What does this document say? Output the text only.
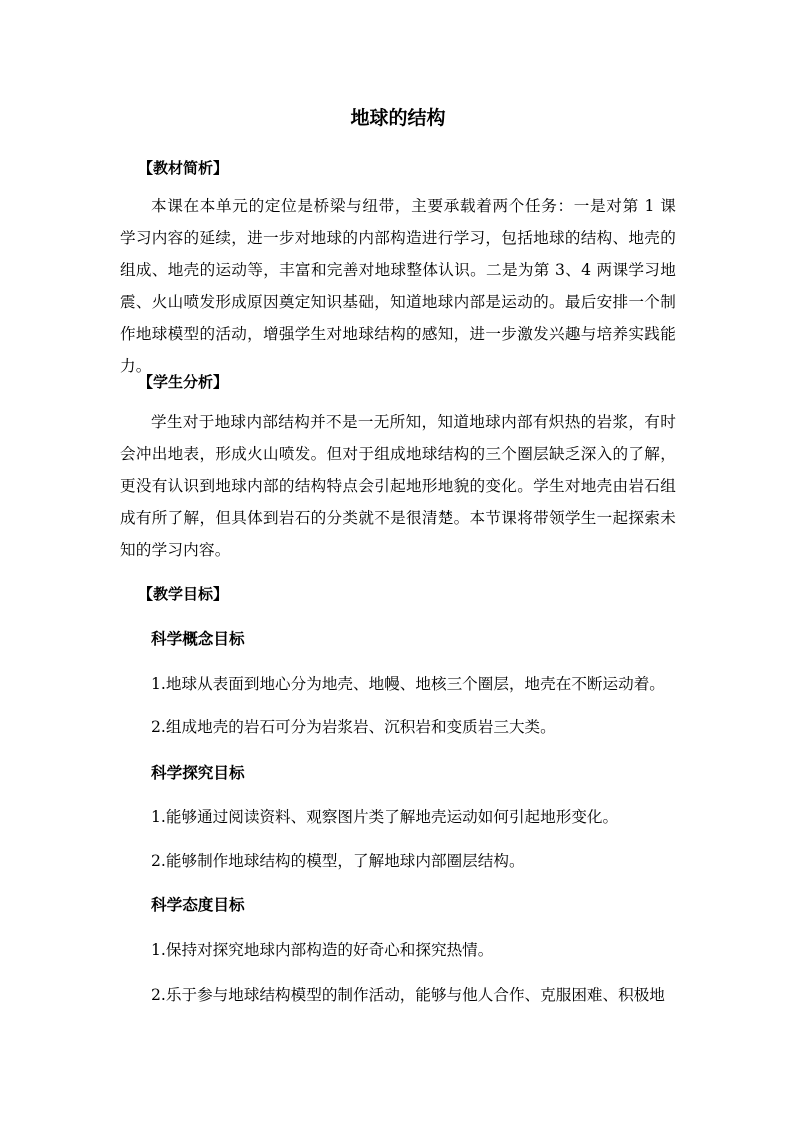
地球的结构
【教材简析】

本课在本单元的定位是桥梁与纽带，主要承载着两个任务：一是对第 1 课学习内容的延续，进一步对地球的内部构造进行学习，包括地球的结构、地壳的组成、地壳的运动等，丰富和完善对地球整体认识。二是为第 3、4 两课学习地震、火山喷发形成原因奠定知识基础，知道地球内部是运动的。最后安排一个制作地球模型的活动，增强学生对地球结构的感知，进一步激发兴趣与培养实践能力。

【学生分析】

学生对于地球内部结构并不是一无所知，知道地球内部有炽热的岩浆，有时会冲出地表，形成火山喷发。但对于组成地球结构的三个圈层缺乏深入的了解，更没有认识到地球内部的结构特点会引起地形地貌的变化。学生对地壳由岩石组成有所了解，但具体到岩石的分类就不是很清楚。本节课将带领学生一起探索未知的学习内容。

【教学目标】
科学概念目标

1.地球从表面到地心分为地壳、地幔、地核三个圈层，地壳在不断运动着。

2.组成地壳的岩石可分为岩浆岩、沉积岩和变质岩三大类。

科学探究目标

1.能够通过阅读资料、观察图片类了解地壳运动如何引起地形变化。

2.能够制作地球结构的模型，了解地球内部圈层结构。

科学态度目标

1.保持对探究地球内部构造的好奇心和探究热情。

2.乐于参与地球结构模型的制作活动，能够与他人合作、克服困难、积极地
